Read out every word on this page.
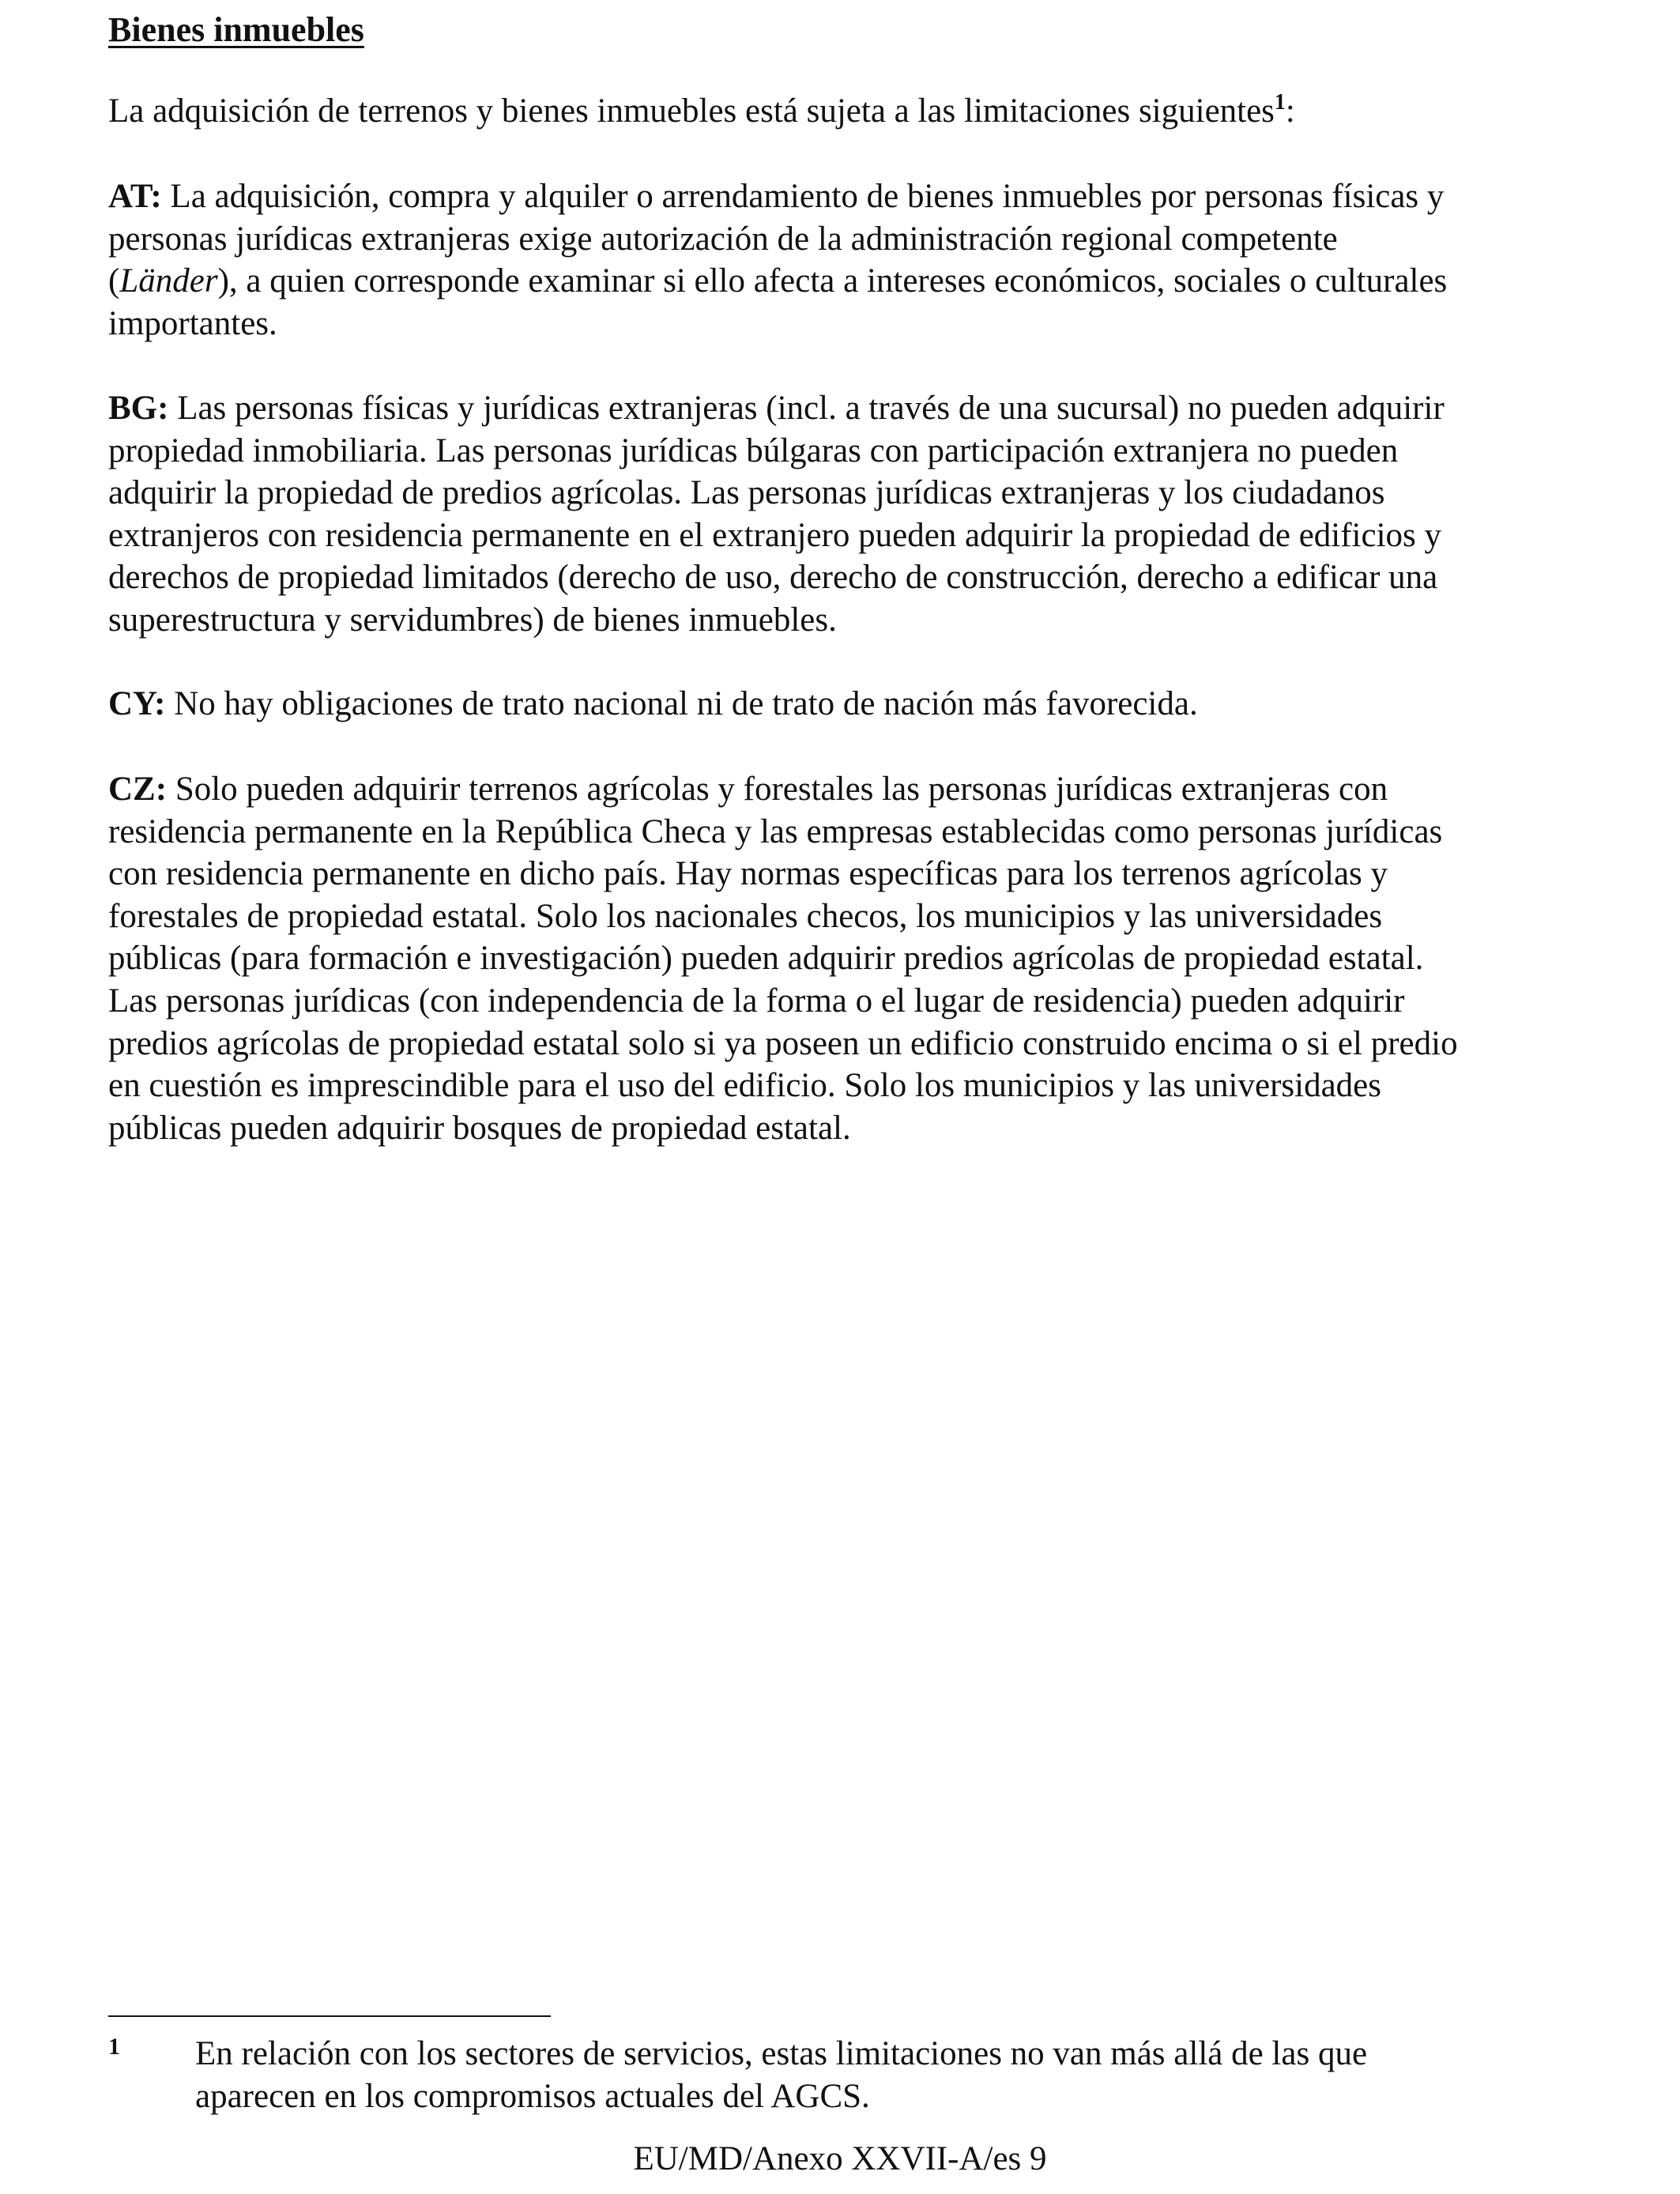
Bienes inmuebles

La adquisición de terrenos y bienes inmuebles está sujeta a las limitaciones siguientes$^1$:

AT: La adquisición, compra y alquiler o arrendamiento de bienes inmuebles por personas físicas y
personas jurídicas extranjeras exige autorización de la administración regional competente
(Länder), a quien corresponde examinar si ello afecta a intereses económicos, sociales o culturales
importantes.

BG: Las personas físicas y jurídicas extranjeras (incl. a través de una sucursal) no pueden adquirir
propiedad inmobiliaria. Las personas jurídicas búlgaras con participación extranjera no pueden
adquirir la propiedad de predios agrícolas. Las personas jurídicas extranjeras y los ciudadanos
extranjeros con residencia permanente en el extranjero pueden adquirir la propiedad de edificios y
derechos de propiedad limitados (derecho de uso, derecho de construcción, derecho a edificar una
superestructura y servidumbres) de bienes inmuebles.

CY: No hay obligaciones de trato nacional ni de trato de nación más favorecida.

CZ: Solo pueden adquirir terrenos agrícolas y forestales las personas jurídicas extranjeras con
residencia permanente en la República Checa y las empresas establecidas como personas jurídicas
con residencia permanente en dicho país. Hay normas específicas para los terrenos agrícolas y
forestales de propiedad estatal. Solo los nacionales checos, los municipios y las universidades
públicas (para formación e investigación) pueden adquirir predios agrícolas de propiedad estatal.
Las personas jurídicas (con independencia de la forma o el lugar de residencia) pueden adquirir
predios agrícolas de propiedad estatal solo si ya poseen un edificio construido encima o si el predio
en cuestión es imprescindible para el uso del edificio. Solo los municipios y las universidades
públicas pueden adquirir bosques de propiedad estatal.

1 En relación con los sectores de servicios, estas limitaciones no van más allá de las que
aparecen en los compromisos actuales del AGCS.

EU/MD/Anexo XXVII-A/es 9
